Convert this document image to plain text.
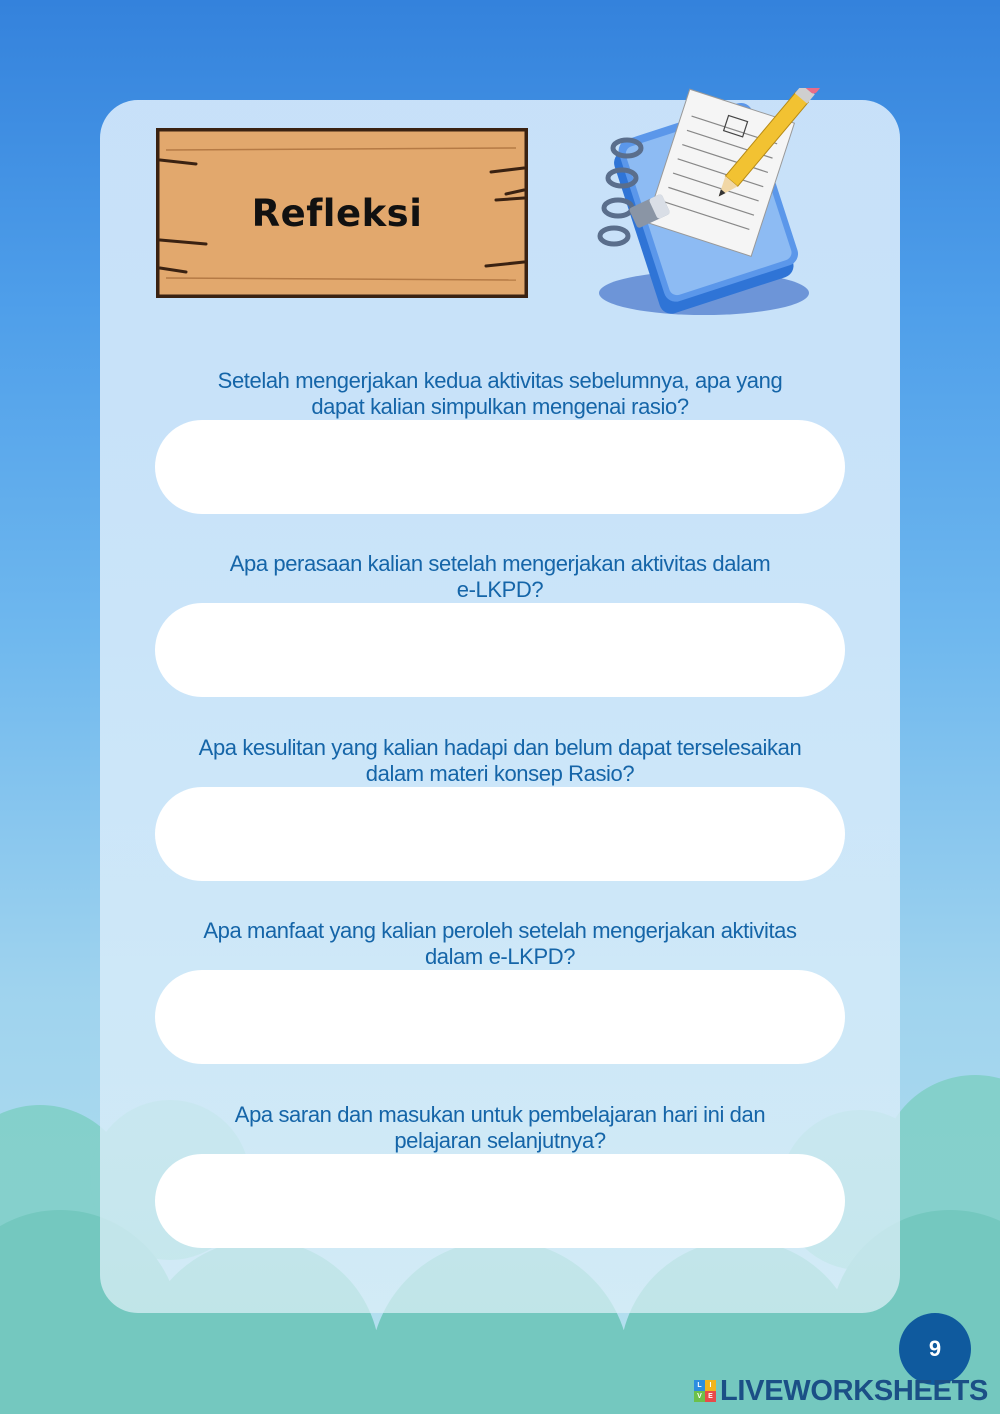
Refleksi
Setelah mengerjakan kedua aktivitas sebelumnya, apa yang
dapat kalian simpulkan mengenai rasio?
Apa perasaan kalian setelah mengerjakan aktivitas dalam
e-LKPD?
Apa kesulitan yang kalian hadapi dan belum dapat terselesaikan
dalam materi konsep Rasio?
Apa manfaat yang kalian peroleh setelah mengerjakan aktivitas
dalam e-LKPD?
Apa saran dan masukan untuk pembelajaran hari ini dan
pelajaran selanjutnya?
9
L	I
V E LIVEWORKSHEETS
